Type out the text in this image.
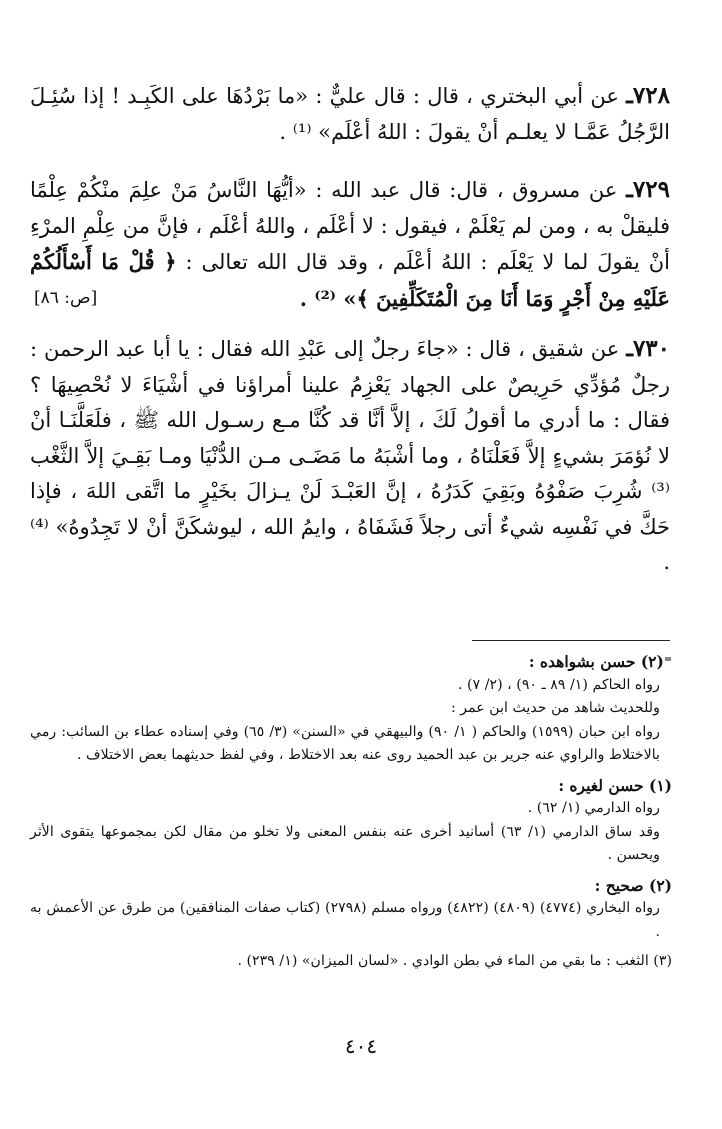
٧٢٨ـ عن أبي البختري ، قال : قال عليٌّ : «ما بَرْدُهَا على الكَبِـد ! إذا سُئِـلَ الرَّجُلُ عَمَّـا لا يعلـم أنْ يقولَ : اللهُ أعْلَم» ⁽¹⁾ .

٧٢٩ـ عن مسروق ، قال: قال عبد الله : «أيُّهَا النَّاسُ مَنْ علِمَ منْكُمْ عِلْمًا فليقلْ به ، ومن لم يَعْلَمْ ، فيقول : لا أعْلَم ، واللهُ أعْلَم ، فإنَّ من عِلْمِ المرْءِ أنْ يقولَ لما لا يَعْلَم : اللهُ أعْلَم ، وقد قال الله تعالى : ﴿ قُلْ مَا أَسْأَلُكُمْ عَلَيْهِ مِنْ أَجْرٍ وَمَا أَنَا مِنَ الْمُتَكَلِّفِينَ ﴾» ⁽²⁾ .
[ص: ٨٦]

٧٣٠ـ عن شقيق ، قال : «جاءَ رجلٌ إلى عَبْدِ الله فقال : يا أبا عبد الرحمن : رجلٌ مُؤدِّي حَرِيصٌ على الجهاد يَعْزِمُ علينا أمراؤنا في أشْيَاءَ لا نُحْصِيهَا ؟ فقال : ما أدري ما أقولُ لَكَ ، إلاَّ أنَّا قد كُنَّا مـع رسـول الله ﷺ ، فلَعَلَّنَـا أنْ لا نُؤمَرَ بشيءٍ إلاَّ فَعَلْنَاهُ ، وما أشْبَهُ ما مَضَـى مـن الدُّنْيَا ومـا بَقِـيَ إلاَّ الثَّغْب ⁽³⁾ شُرِبَ صَفْوُهُ وبَقِيَ كَدَرُهُ ، إنَّ العَبْـدَ لَنْ يـزالَ بخَيْرٍ ما اتَّقى اللهَ ، فإذا حَكَّ في نَفْسِه شيءٌ أتى رجلاً فَشَفَاهُ ، وايمُ الله ، ليوشكَنَّ أنْ لا تَجِدُوهُ» ⁽⁴⁾ .

⁼(٢) حسن بشواهده :
رواه الحاكم (١/ ٨٩ ـ ٩٠) ، (٢/ ٧) .
وللحديث شاهد من حديث ابن عمر :
رواه ابن حبان (١٥٩٩) والحاكم ( ١/ ٩٠) والبيهقي في «السنن» (٣/ ٦٥) وفي إسناده عطاء بن السائب: رمي بالاختلاط والراوي عنه جرير بن عبد الحميد روى عنه بعد الاختلاط ، وفي لفظ حديثهما بعض الاختلاف .
(١) حسن لغيره :
رواه الدارمي (١/ ٦٢) .
وقد ساق الدارمي (١/ ٦٣) أسانيد أخرى عنه بنفس المعنى ولا تخلو من مقال لكن بمجموعها يتقوى الأثر ويحسن .
(٢) صحيح :
رواه البخاري (٤٧٧٤) (٤٨٠٩) (٤٨٢٢) ورواه مسلم (٢٧٩٨) (كتاب صفات المنافقين) من طرق عن الأعمش به .
(٣) الثغب : ما بقي من الماء في بطن الوادي . «لسان الميزان» (١/ ٢٣٩) .
٤٠٤
